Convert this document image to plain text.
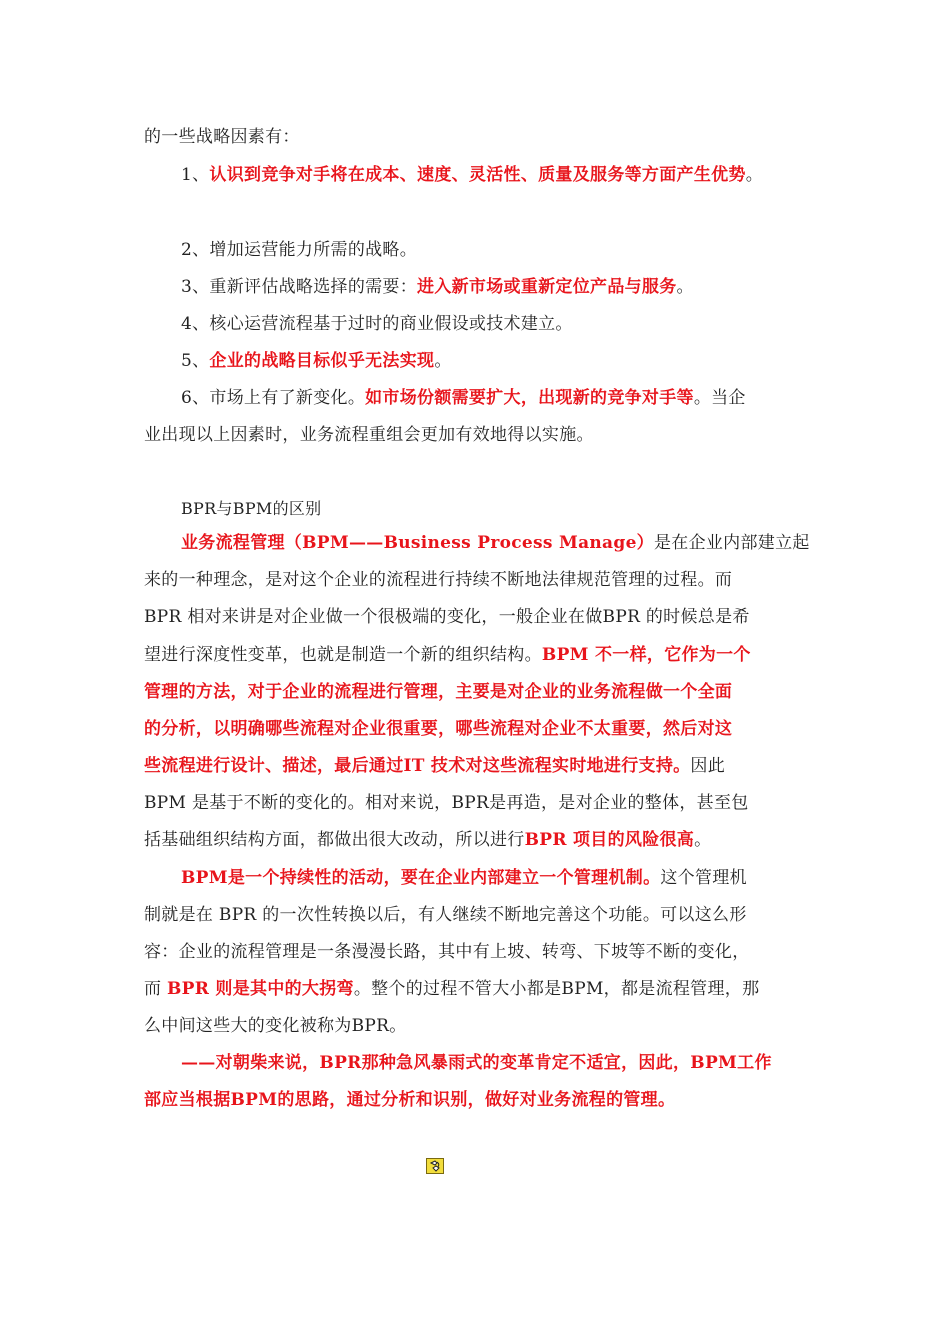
的一些战略因素有：
1、认识到竞争对手将在成本、速度、灵活性、质量及服务等方面产生优势。
2、增加运营能力所需的战略。
3、重新评估战略选择的需要：进入新市场或重新定位产品与服务。
4、核心运营流程基于过时的商业假设或技术建立。
5、企业的战略目标似乎无法实现。
6、市场上有了新变化。如市场份额需要扩大，出现新的竞争对手等。当企
业出现以上因素时，业务流程重组会更加有效地得以实施。
BPR与BPM的区别
业务流程管理（BPM——Business Process Manage）是在企业内部建立起
来的一种理念，是对这个企业的流程进行持续不断地法律规范管理的过程。而
BPR 相对来讲是对企业做一个很极端的变化，一般企业在做BPR 的时候总是希
望进行深度性变革，也就是制造一个新的组织结构。BPM 不一样，它作为一个
管理的方法，对于企业的流程进行管理，主要是对企业的业务流程做一个全面
的分析，以明确哪些流程对企业很重要，哪些流程对企业不太重要，然后对这
些流程进行设计、描述，最后通过IT 技术对这些流程实时地进行支持。因此
BPM 是基于不断的变化的。相对来说，BPR是再造，是对企业的整体，甚至包
括基础组织结构方面，都做出很大改动，所以进行BPR 项目的风险很高。
BPM是一个持续性的活动，要在企业内部建立一个管理机制。这个管理机
制就是在 BPR 的一次性转换以后，有人继续不断地完善这个功能。可以这么形
容：企业的流程管理是一条漫漫长路，其中有上坡、转弯、下坡等不断的变化，
而 BPR 则是其中的大拐弯。整个的过程不管大小都是BPM，都是流程管理，那
么中间这些大的变化被称为BPR。
——对朝柴来说，BPR那种急风暴雨式的变革肯定不适宜，因此，BPM工作
部应当根据BPM的思路，通过分析和识别，做好对业务流程的管理。
